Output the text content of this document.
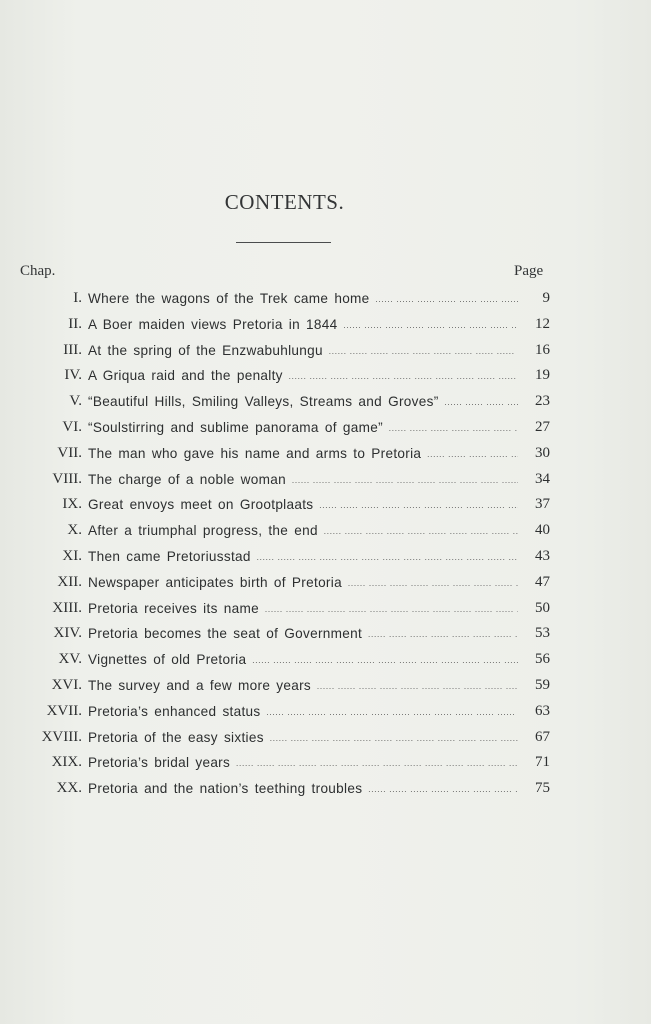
CONTENTS.
Chap.	Page
I. Where the wagons of the Trek came home .....	9
II. A Boer maiden views Pretoria in 1844 .....	12
III. At the spring of the Enzwabuhlungu .....	16
IV. A Griqua raid and the penalty .....	19
V. “Beautiful Hills, Smiling Valleys, Streams and Groves” .....	23
VI. “Soulstirring and sublime panorama of game” .....	27
VII. The man who gave his name and arms to Pretoria .....	30
VIII. The charge of a noble woman .....	34
IX. Great envoys meet on Grootplaats .....	37
X. After a triumphal progress, the end .....	40
XI. Then came Pretoriusstad .....	43
XII. Newspaper anticipates birth of Pretoria .....	47
XIII. Pretoria receives its name .....	50
XIV. Pretoria becomes the seat of Government .....	53
XV. Vignettes of old Pretoria .....	56
XVI. The survey and a few more years .....	59
XVII. Pretoria’s enhanced status .....	63
XVIII. Pretoria of the easy sixties .....	67
XIX. Pretoria’s bridal years .....	71
XX. Pretoria and the nation’s teething troubles .....	75
